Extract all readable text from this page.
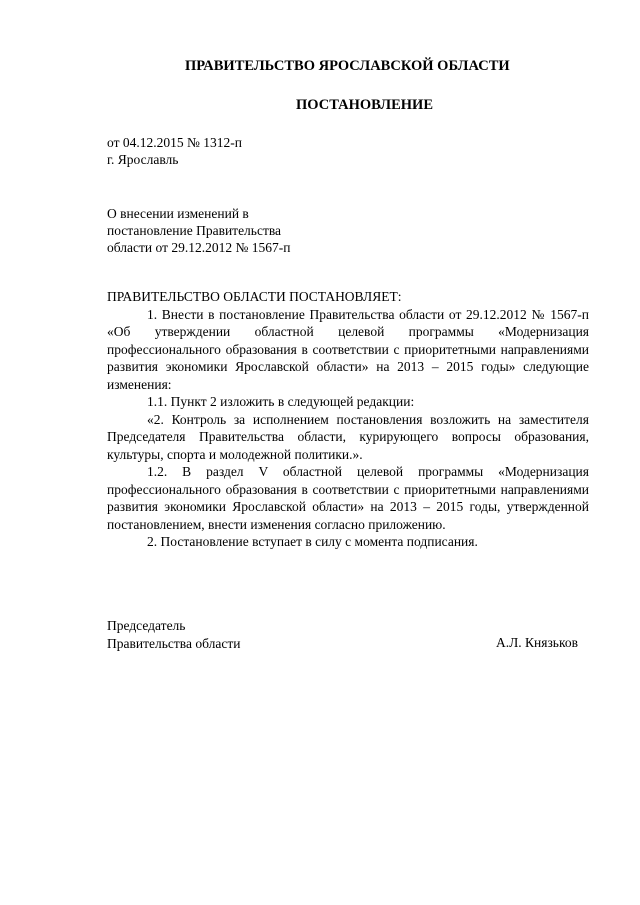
ПРАВИТЕЛЬСТВО ЯРОСЛАВСКОЙ ОБЛАСТИ
ПОСТАНОВЛЕНИЕ
от 04.12.2015 № 1312-п
г. Ярославль
О внесении изменений в
постановление Правительства
области от 29.12.2012 № 1567-п

ПРАВИТЕЛЬСТВО ОБЛАСТИ ПОСТАНОВЛЯЕТ:

1. Внести в постановление Правительства области от 29.12.2012 № 1567-п «Об утверждении областной целевой программы «Модернизация профессионального образования в соответствии с приоритетными направлениями развития экономики Ярославской области» на 2013 – 2015 годы» следующие изменения:

1.1. Пункт 2 изложить в следующей редакции:

«2. Контроль за исполнением постановления возложить на заместителя Председателя Правительства области, курирующего вопросы образования, культуры, спорта и молодежной политики.».

1.2. В раздел V областной целевой программы «Модернизация профессионального образования в соответствии с приоритетными направлениями развития экономики Ярославской области» на 2013 – 2015 годы, утвержденной постановлением, внести изменения согласно приложению.

2. Постановление вступает в силу с момента подписания.

Председатель
Правительства области	А.Л. Князьков
